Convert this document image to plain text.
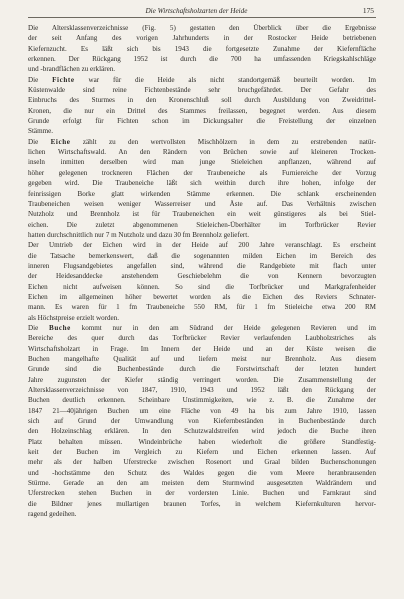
Die Wirtschaftsholzarten der Heide	175
Die Altersklassenverzeichnisse (Fig. 5) gestatten den Überblick über die Ergebnisse
der seit Anfang des vorigen Jahrhunderts in der Rostocker Heide betriebenen
Kiefernzucht. Es läßt sich bis 1943 die fortgesetzte Zunahme der Kiefernfläche
erkennen. Der Rückgang 1952 ist durch die 700 ha umfassenden Kriegskahlschläge
und -brandflächen zu erklären.
Die Fichte war für die Heide als nicht standortgemäß beurteilt worden. Im
Küstenwalde sind reine Fichtenbestände sehr bruchgefährdet. Der Gefahr des
Einbruchs des Sturmes in den Kronenschluß soll durch Ausbildung von Zweidrittel-
Kronen, die nur ein Drittel des Stammes freilassen, begegnet werden. Aus diesem
Grunde erfolgt für Fichten schon im Dickungsalter die Freistellung der einzelnen
Stämme.
Die Eiche zählt zu den wertvollsten Mischhölzern in dem zu erstrebenden natür-
lichen Wirtschaftswald. An den Rändern von Brüchen sowie auf kleineren Trocken-
inseln inmitten derselben wird man junge Stieleichen anpflanzen, während auf
höher gelegenen trockneren Flächen der Traubeneiche als Furniereiche der Vorzug
gegeben wird. Die Traubeneiche läßt sich weithin durch ihre hohen, infolge der
feinrissigen Borke glatt wirkenden Stämme erkennen. Die schlank erscheinenden
Traubeneichen weisen weniger Wasserreiser und Äste auf. Das Verhältnis zwischen
Nutzholz und Brennholz ist für Traubeneichen ein weit günstigeres als bei Stiel-
eichen. Die zuletzt abgenommenen Stieleichen-Überhälter im Torfbrücker Revier
hatten durchschnittlich nur 7 m Nutzholz und dazu 30 fm Brennholz geliefert.
Der Umtrieb der Eichen wird in der Heide auf 200 Jahre veranschlagt. Es erscheint
die Tatsache bemerkenswert, daß die sogenannten milden Eichen im Bereich des
inneren Flugsandgebietes angefallen sind, während die Randgebiete mit flach unter
der Heidesanddecke anstehendem Geschiebelehm die von Kennern bevorzugten
Eichen nicht aufweisen können. So sind die Torfbrücker und Markgrafenheider
Eichen im allgemeinen höher bewertet worden als die Eichen des Reviers Schnater-
mann. Es waren für 1 fm Traubeneiche 550 RM, für 1 fm Stieleiche etwa 200 RM
als Höchstpreise erzielt worden.
Die Buche kommt nur in den am Südrand der Heide gelegenen Revieren und im
Bereiche des quer durch das Torfbrücker Revier verlaufenden Laubholzstriches als
Wirtschaftsholzart in Frage. Im Innern der Heide und an der Küste weisen die
Buchen mangelhafte Qualität auf und liefern meist nur Brennholz. Aus diesem
Grunde sind die Buchenbestände durch die Forstwirtschaft der letzten hundert
Jahre zugunsten der Kiefer ständig verringert worden. Die Zusammenstellung der
Altersklassenverzeichnisse von 1847, 1910, 1943 und 1952 läßt den Rückgang der
Buchen deutlich erkennen. Scheinbare Unstimmigkeiten, wie z. B. die Zunahme der
1847 21—40jährigen Buchen um eine Fläche von 49 ha bis zum Jahre 1910, lassen
sich auf Grund der Umwandlung von Kiefernbeständen in Buchenbestände durch
den Holzeinschlag erklären. In den Schutzwaldstreifen wird jedoch die Buche ihren
Platz behalten müssen. Windeinbrüche haben wiederholt die größere Standfestig-
keit der Buchen im Vergleich zu Kiefern und Eichen erkennen lassen. Auf
mehr als der halben Uferstrecke zwischen Rosenort und Graal bilden Buchenschonungen
und -hochstämme den Schutz des Waldes gegen die vom Meere heranbrausenden
Stürme. Gerade an den am meisten dem Sturmwind ausgesetzten Waldrändern und
Uferstrecken stehen Buchen in der vordersten Linie. Buchen und Farnkraut sind
die Bildner jenes mullartigen braunen Torfes, in welchem Kiefernkulturen hervor-
ragend gedeihen.
